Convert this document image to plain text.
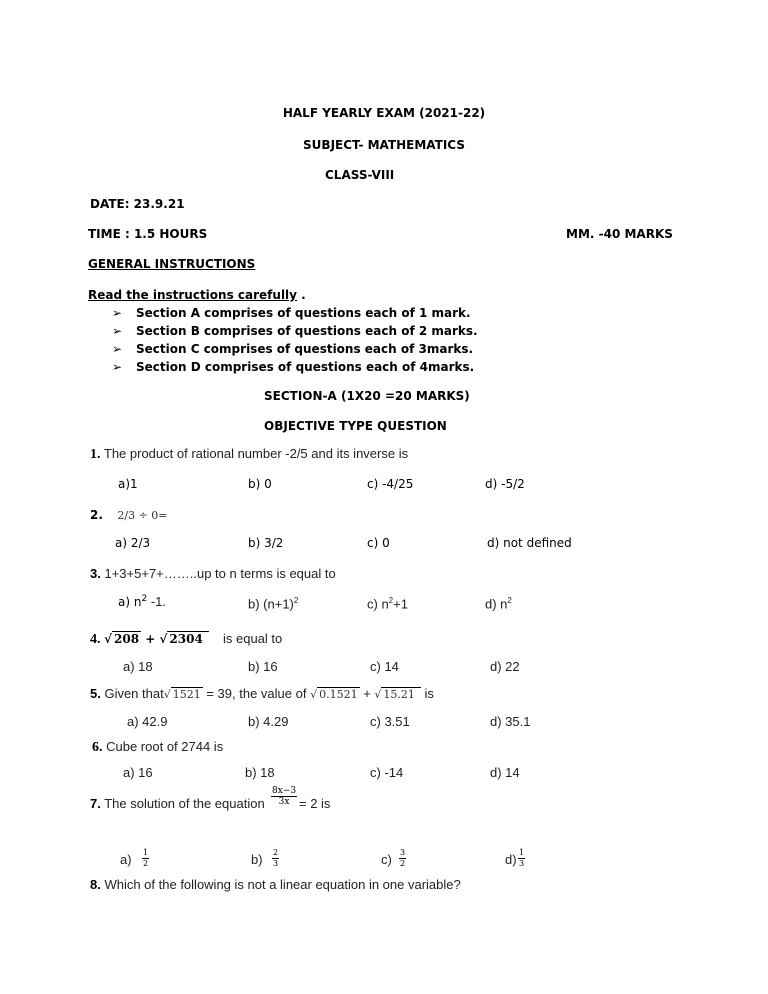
HALF YEARLY EXAM (2021-22)
SUBJECT- MATHEMATICS
CLASS-VIII
DATE: 23.9.21
TIME : 1.5 HOURS	MM. -40 MARKS
GENERAL INSTRUCTIONS
Read the instructions carefully .
➢ Section A comprises of questions each of 1 mark.
➢ Section B comprises of questions each of 2 marks.
➢ Section C comprises of questions each of 3marks.
➢ Section D comprises of questions each of 4marks.
SECTION-A (1X20 =20 MARKS)
OBJECTIVE TYPE QUESTION
1. The product of rational number -2/5 and its inverse is
a)1	b) 0	c) -4/25	d) -5/2
2. 2/3 ÷ 0=
a) 2/3	b) 3/2	c) 0	d) not defined
3. 1+3+5+7+……..up to n terms is equal to
a) $n^2$ -1.	b) $(n+1)^2$	c) $n^2+1$	d) $n^2$
4. √ 208 + √ 2304 is equal to
a) 18	b) 16	c) 14	d) 22
5. Given that√ 1521 = 39, the value of √ 0.1521 + √ 15.21 is
a) 42.9	b) 4.29	c) 3.51	d) 35.1
6. Cube root of 2744 is
a) 16	b) 18	c) -14	d) 14
7. The solution of the equation $\frac{8x-3}{3x} = 2$ is
$a) \frac{1}{2}$	$b) \frac{2}{3}$	$c) \frac{3}{2}$	$d) \frac{1}{3}$
8. Which of the following is not a linear equation in one variable?
